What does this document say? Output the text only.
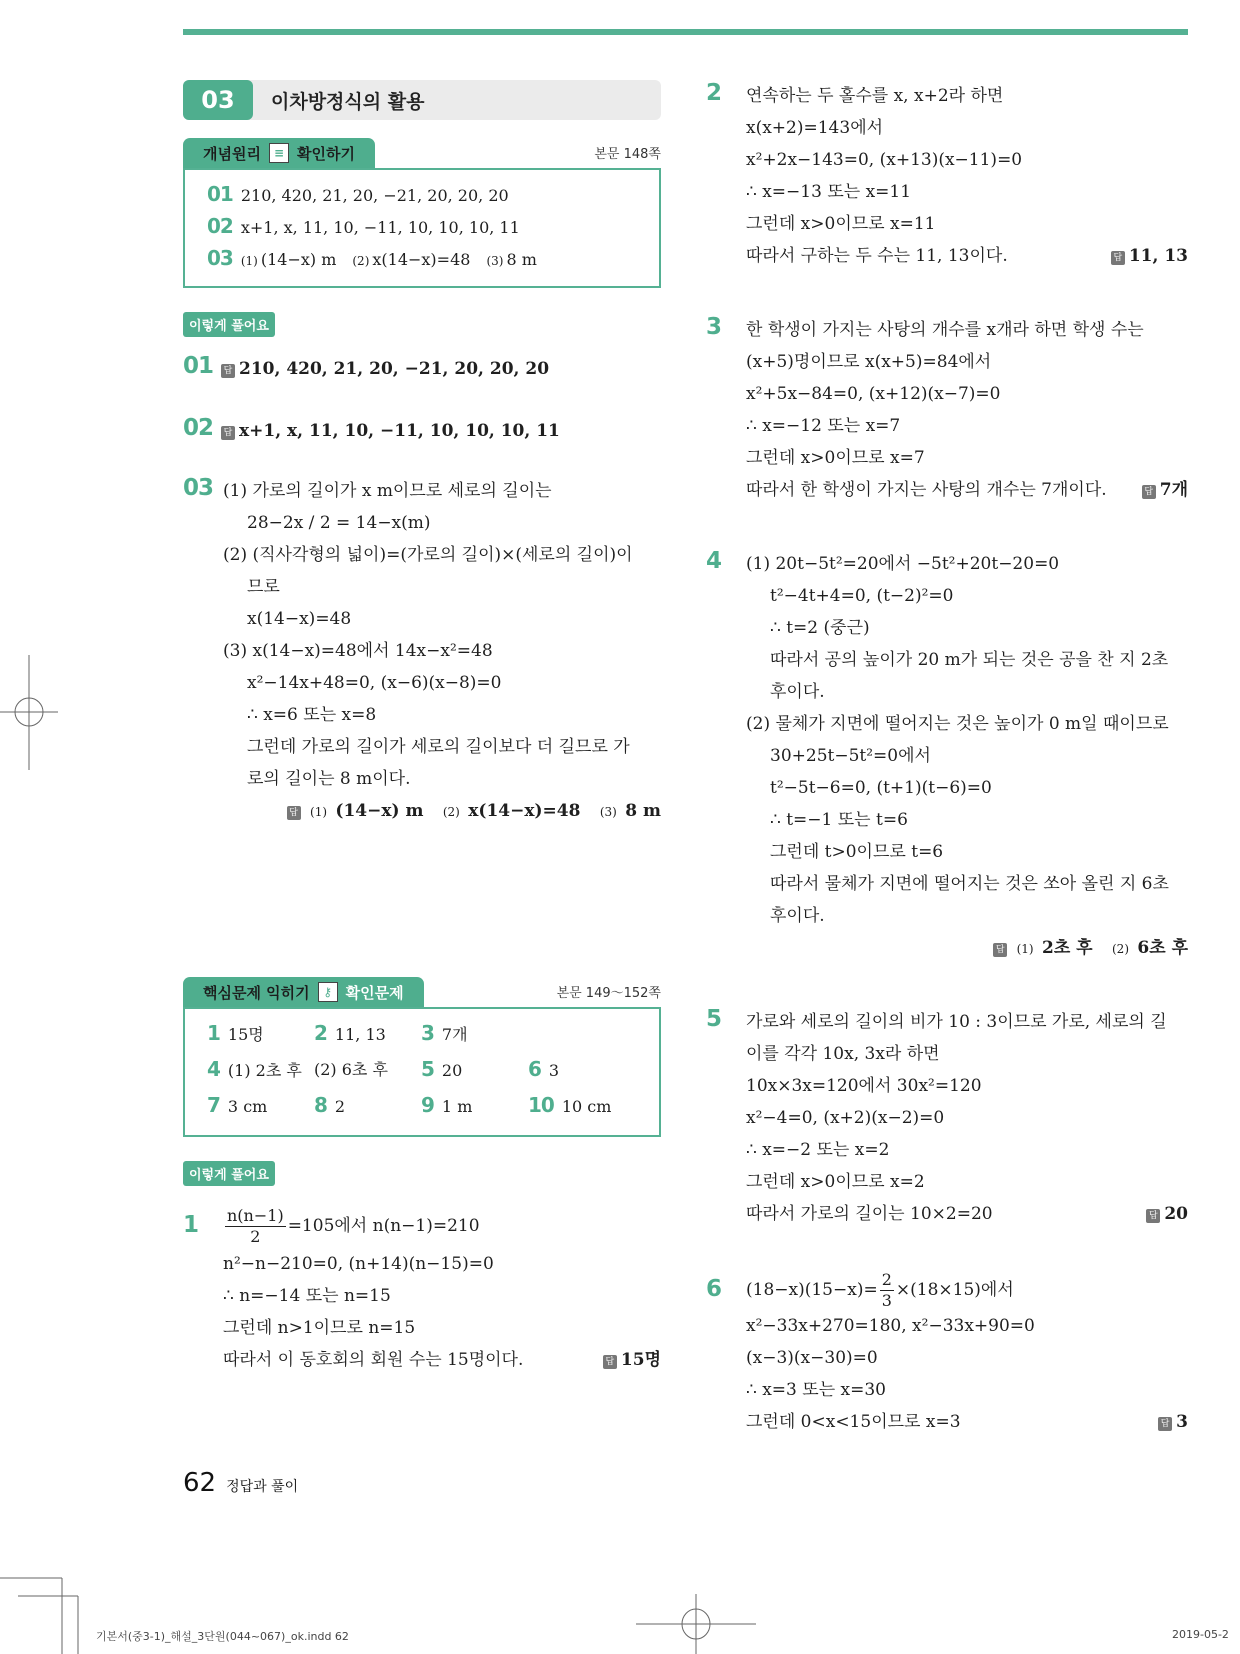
03	이차방정식의 활용
개념원리	≡ 확인하기	본문 148쪽
01 210, 420, 21, 20, −21, 20, 20, 20
02 x+1, x, 11, 10, −11, 10, 10, 10, 11
03 (1) (14−x) m (2) x(14−x)=48 (3) 8 m
이렇게 풀어요
01 답 210, 420, 21, 20, −21, 20, 20, 20
02 답 x+1, x, 11, 10, −11, 10, 10, 10, 11
03 (1) 가로의 길이가 x m이므로 세로의 길이는
28−2x / 2 = 14−x(m)
(2) (직사각형의 넓이)=(가로의 길이)×(세로의 길이)이
므로
x(14−x)=48
(3) x(14−x)=48에서 14x−x²=48
x²−14x+48=0, (x−6)(x−8)=0
∴ x=6 또는 x=8
그런데 가로의 길이가 세로의 길이보다 더 길므로 가
로의 길이는 8 m이다.
답 (1) (14−x) m (2) x(14−x)=48 (3) 8 m
핵심문제 익히기	⚷ 확인문제	본문 149～152쪽
1 15명	2 11, 13 3 7개
4 (1) 2초 후 (2) 6초 후 5 20	6 3
7 3 cm 8 2	9 1 m	10 10 cm
이렇게 풀어요
$1 \frac{n(n-1)}{2} =105$에서 n(n−1)=210
n²−n−210=0, (n+14)(n−15)=0
∴ n=−14 또는 n=15
그런데 n>1이므로 n=15
따라서 이 동호회의 회원 수는 15명이다.	답 15명
2 연속하는 두 홀수를 x, x+2라 하면
x(x+2)=143에서
x²+2x−143=0, (x+13)(x−11)=0
∴ x=−13 또는 x=11
그런데 x>0이므로 x=11
따라서 구하는 두 수는 11, 13이다.	답 11, 13
3 한 학생이 가지는 사탕의 개수를 x개라 하면 학생 수는
(x+5)명이므로 x(x+5)=84에서
x²+5x−84=0, (x+12)(x−7)=0
∴ x=−12 또는 x=7
그런데 x>0이므로 x=7
따라서 한 학생이 가지는 사탕의 개수는 7개이다.	답 7개
4 (1) 20t−5t²=20에서 −5t²+20t−20=0
t²−4t+4=0, (t−2)²=0
∴ t=2 (중근)
따라서 공의 높이가 20 m가 되는 것은 공을 찬 지 2초
후이다.
(2) 물체가 지면에 떨어지는 것은 높이가 0 m일 때이므로
30+25t−5t²=0에서
t²−5t−6=0, (t+1)(t−6)=0
∴ t=−1 또는 t=6
그런데 t>0이므로 t=6
따라서 물체가 지면에 떨어지는 것은 쏘아 올린 지 6초
후이다.
답 (1) 2초 후 (2) 6초 후
5 가로와 세로의 길이의 비가 10 : 3이므로 가로, 세로의 길
이를 각각 10x, 3x라 하면
10x×3x=120에서 30x²=120
x²−4=0, (x+2)(x−2)=0
∴ x=−2 또는 x=2
그런데 x>0이므로 x=2
따라서 가로의 길이는 10×2=20	답 20
6 $(18-x)(15-x)= \frac{2}{3} \times(18\times 15)$에서
x²−33x+270=180, x²−33x+90=0
(x−3)(x−30)=0
∴ x=3 또는 x=30
그런데 0<x<15이므로 x=3	답 3
62 정답과 풀이
기본서(중3-1)_해설_3단원(044~067)_ok.indd 62	2019-05-2
